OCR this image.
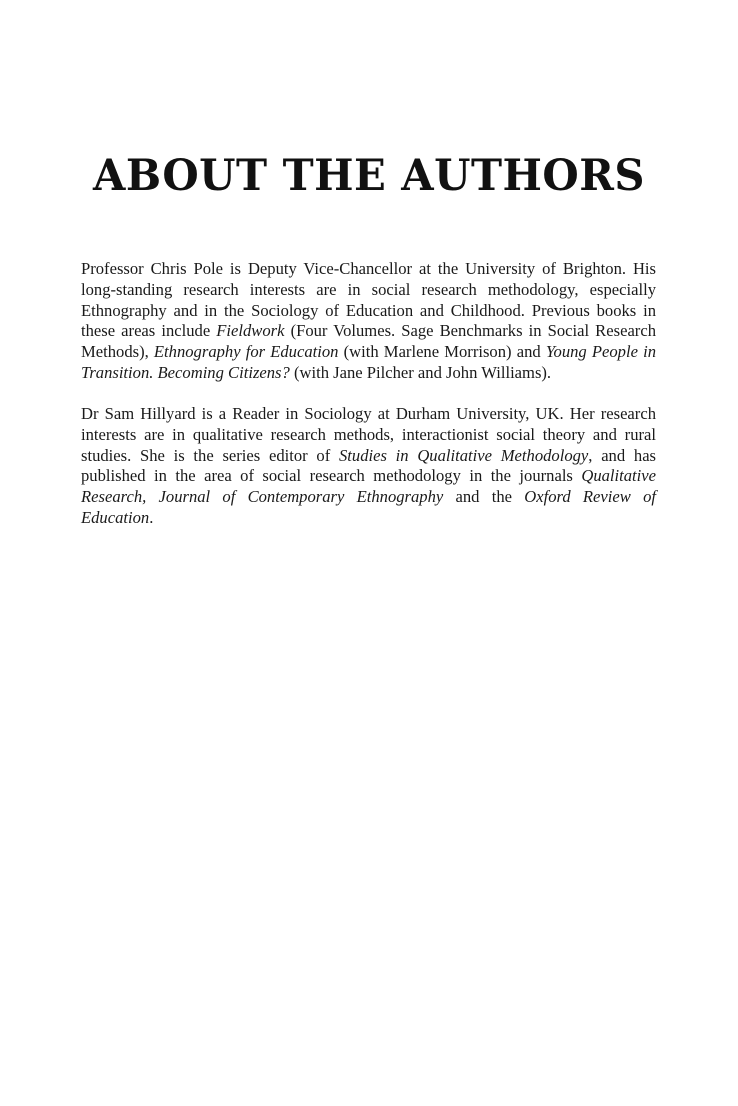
ABOUT THE AUTHORS

Professor Chris Pole is Deputy Vice-Chancellor at the University of Brighton. His long-standing research interests are in social research methodology, especially Ethnography and in the Sociology of Education and Childhood. Previous books in these areas include Fieldwork (Four Volumes. Sage Benchmarks in Social Research Methods), Ethnography for Education (with Marlene Morrison) and Young People in Transition. Becoming Citizens? (with Jane Pilcher and John Williams).

Dr Sam Hillyard is a Reader in Sociology at Durham University, UK. Her research interests are in qualitative research methods, interactionist social theory and rural studies. She is the series editor of Studies in Qualitative Methodology, and has published in the area of social research methodology in the journals Qualitative Research, Journal of Contemporary Ethnography and the Oxford Review of Education.
